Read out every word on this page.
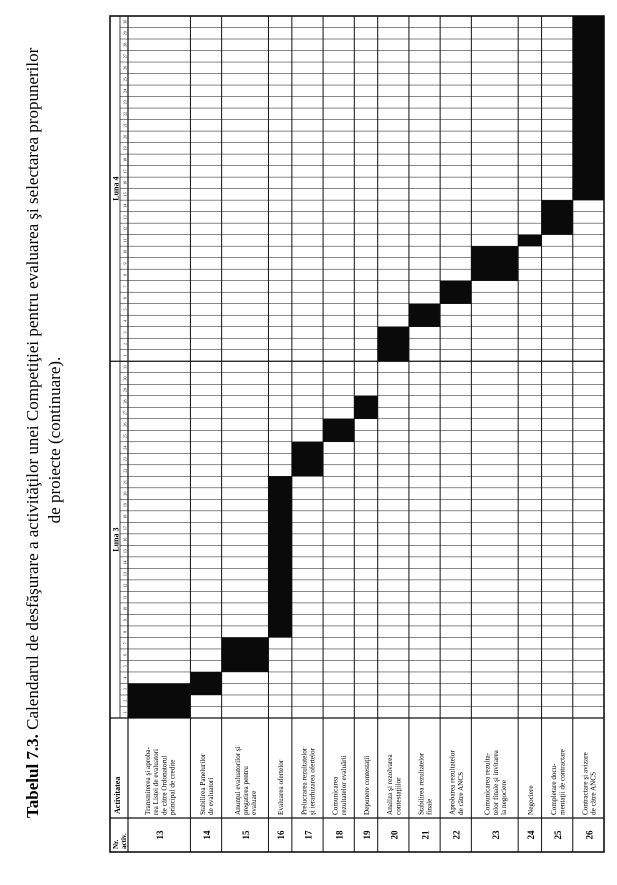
Tabelul 7.3. Calendarul de desfăşurare a activităţilor unei Competiţiei pentru evaluarea şi selectarea propunerilor de proiecte (continuare).
Nr. activ.
Activitatea
Luna 3
Luna 4
1
2
3
4
5
6
7
8
9
10
11
12
13
14
15
16
17
18
19
20
21
22
23
24
25
26
27
28
29
30
31
1
2
3
4
5
6
7
8
9
10
11
12
13
14
15
16
17
18
19
20
21
22
23
24
25
26
27
28
29
30
13
Transmiterea şi aproba- rea Listei de evaluatori de către Ordonatorul principal de credite
14
Stabilirea Panelurilor de evaluatori
15
Anunţul evaluatorilor şi pregatirea pentru evaluare
16
Evaluarea ofertelor
17
Prelucrarea rezultatelor şi ierarhizarea ofertelor
18
Comunicarea rezultatelor evaluării
19
Depunere contestaţii
20
Analiza şi rezolvarea contestaţiilor
21
Stabilirea rezultatelor finale
22
Aprobarea rezultatelor de către ANCS
23
Comunicarea rezulta- telor finale şi invitarea la negociere
24
Negociere
25
Completare docu- mentaţii de contractare
26
Contractare şi avizare de către ANCS
